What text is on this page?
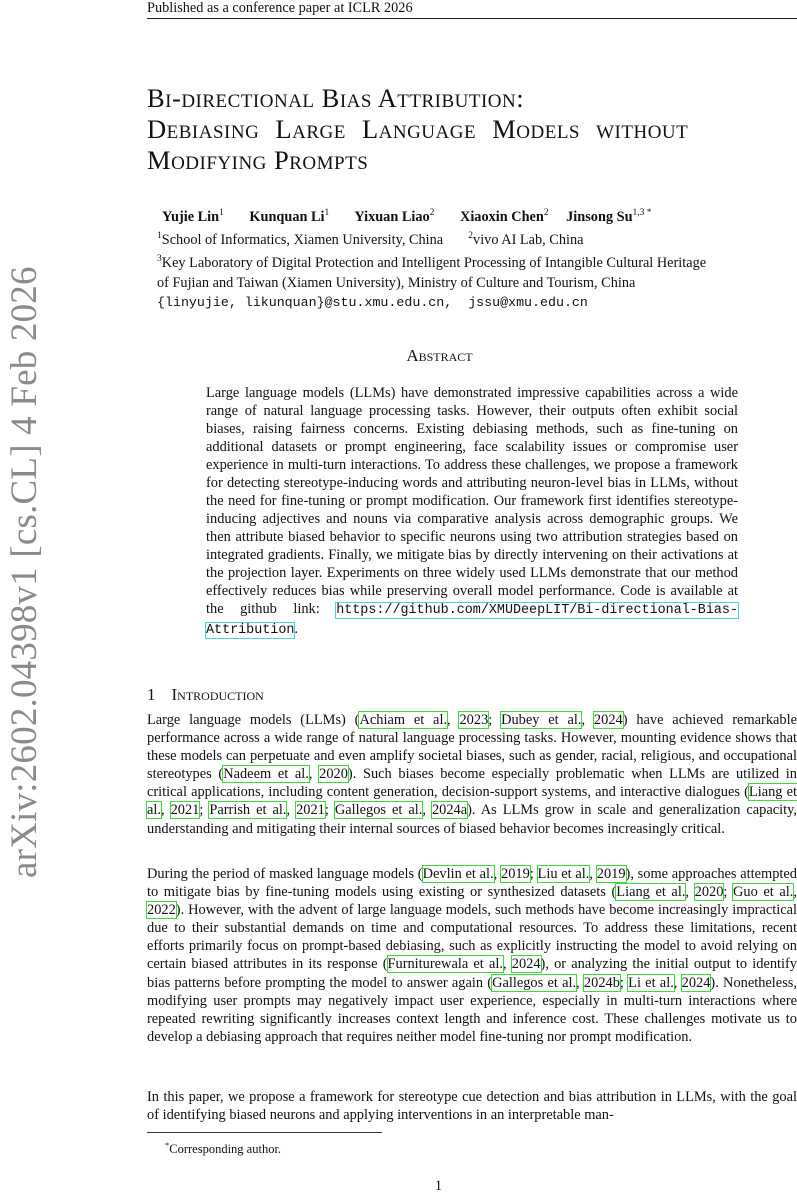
Published as a conference paper at ICLR 2026
arXiv:2602.04398v1 [cs.CL] 4 Feb 2026
Bi-directional Bias Attribution:
Debiasing Large Language Models without
Modifying Prompts
Yujie Lin$^1$ Kunquan Li$^1$ Yixuan Liao$^2$ Xiaoxin Chen$^2$ Jinsong $Su^{1,3 *}$
$^1$School of Informatics, Xiamen University, China	$^2$vivo AI Lab, China
$^3$Key Laboratory of Digital Protection and Intelligent Processing of Intangible Cultural Heritage
of Fujian and Taiwan (Xiamen University), Ministry of Culture and Tourism, China
{linyujie, likunquan}@stu.xmu.edu.cn,  jssu@xmu.edu.cn
Abstract
Large language models (LLMs) have demonstrated impressive capabilities across a wide range of natural language processing tasks. However, their outputs often exhibit social biases, raising fairness concerns. Existing debiasing methods, such as fine-tuning on additional datasets or prompt engineering, face scalability issues or compromise user experience in multi-turn interactions. To address these challenges, we propose a framework for detecting stereotype-inducing words and attributing neuron-level bias in LLMs, without the need for fine-tuning or prompt modification. Our framework first identifies stereotype-inducing adjectives and nouns via comparative analysis across demographic groups. We then attribute biased behavior to specific neurons using two attribution strategies based on integrated gradients. Finally, we mitigate bias by directly intervening on their activations at the projection layer. Experiments on three widely used LLMs demonstrate that our method effectively reduces bias while preserving overall model performance. Code is available at the github link: https://github.com/XMUDeepLIT/Bi-directional-Bias-Attribution.
1 Introduction
Large language models (LLMs) (Achiam et al., 2023; Dubey et al., 2024) have achieved remarkable performance across a wide range of natural language processing tasks. However, mounting evidence shows that these models can perpetuate and even amplify societal biases, such as gender, racial, religious, and occupational stereotypes (Nadeem et al., 2020). Such biases become especially problematic when LLMs are utilized in critical applications, including content generation, decision-support systems, and interactive dialogues (Liang et al., 2021; Parrish et al., 2021; Gallegos et al., 2024a). As LLMs grow in scale and generalization capacity, understanding and mitigating their internal sources of biased behavior becomes increasingly critical.
During the period of masked language models (Devlin et al., 2019; Liu et al., 2019), some approaches attempted to mitigate bias by fine-tuning models using existing or synthesized datasets (Liang et al., 2020; Guo et al., 2022). However, with the advent of large language models, such methods have become increasingly impractical due to their substantial demands on time and computational resources. To address these limitations, recent efforts primarily focus on prompt-based debiasing, such as explicitly instructing the model to avoid relying on certain biased attributes in its response (Furniturewala et al., 2024), or analyzing the initial output to identify bias patterns before prompting the model to answer again (Gallegos et al., 2024b; Li et al., 2024). Nonetheless, modifying user prompts may negatively impact user experience, especially in multi-turn interactions where repeated rewriting significantly increases context length and inference cost. These challenges motivate us to develop a debiasing approach that requires neither model fine-tuning nor prompt modification.
In this paper, we propose a framework for stereotype cue detection and bias attribution in LLMs, with the goal of identifying biased neurons and applying interventions in an interpretable man-
*Corresponding author.
1
